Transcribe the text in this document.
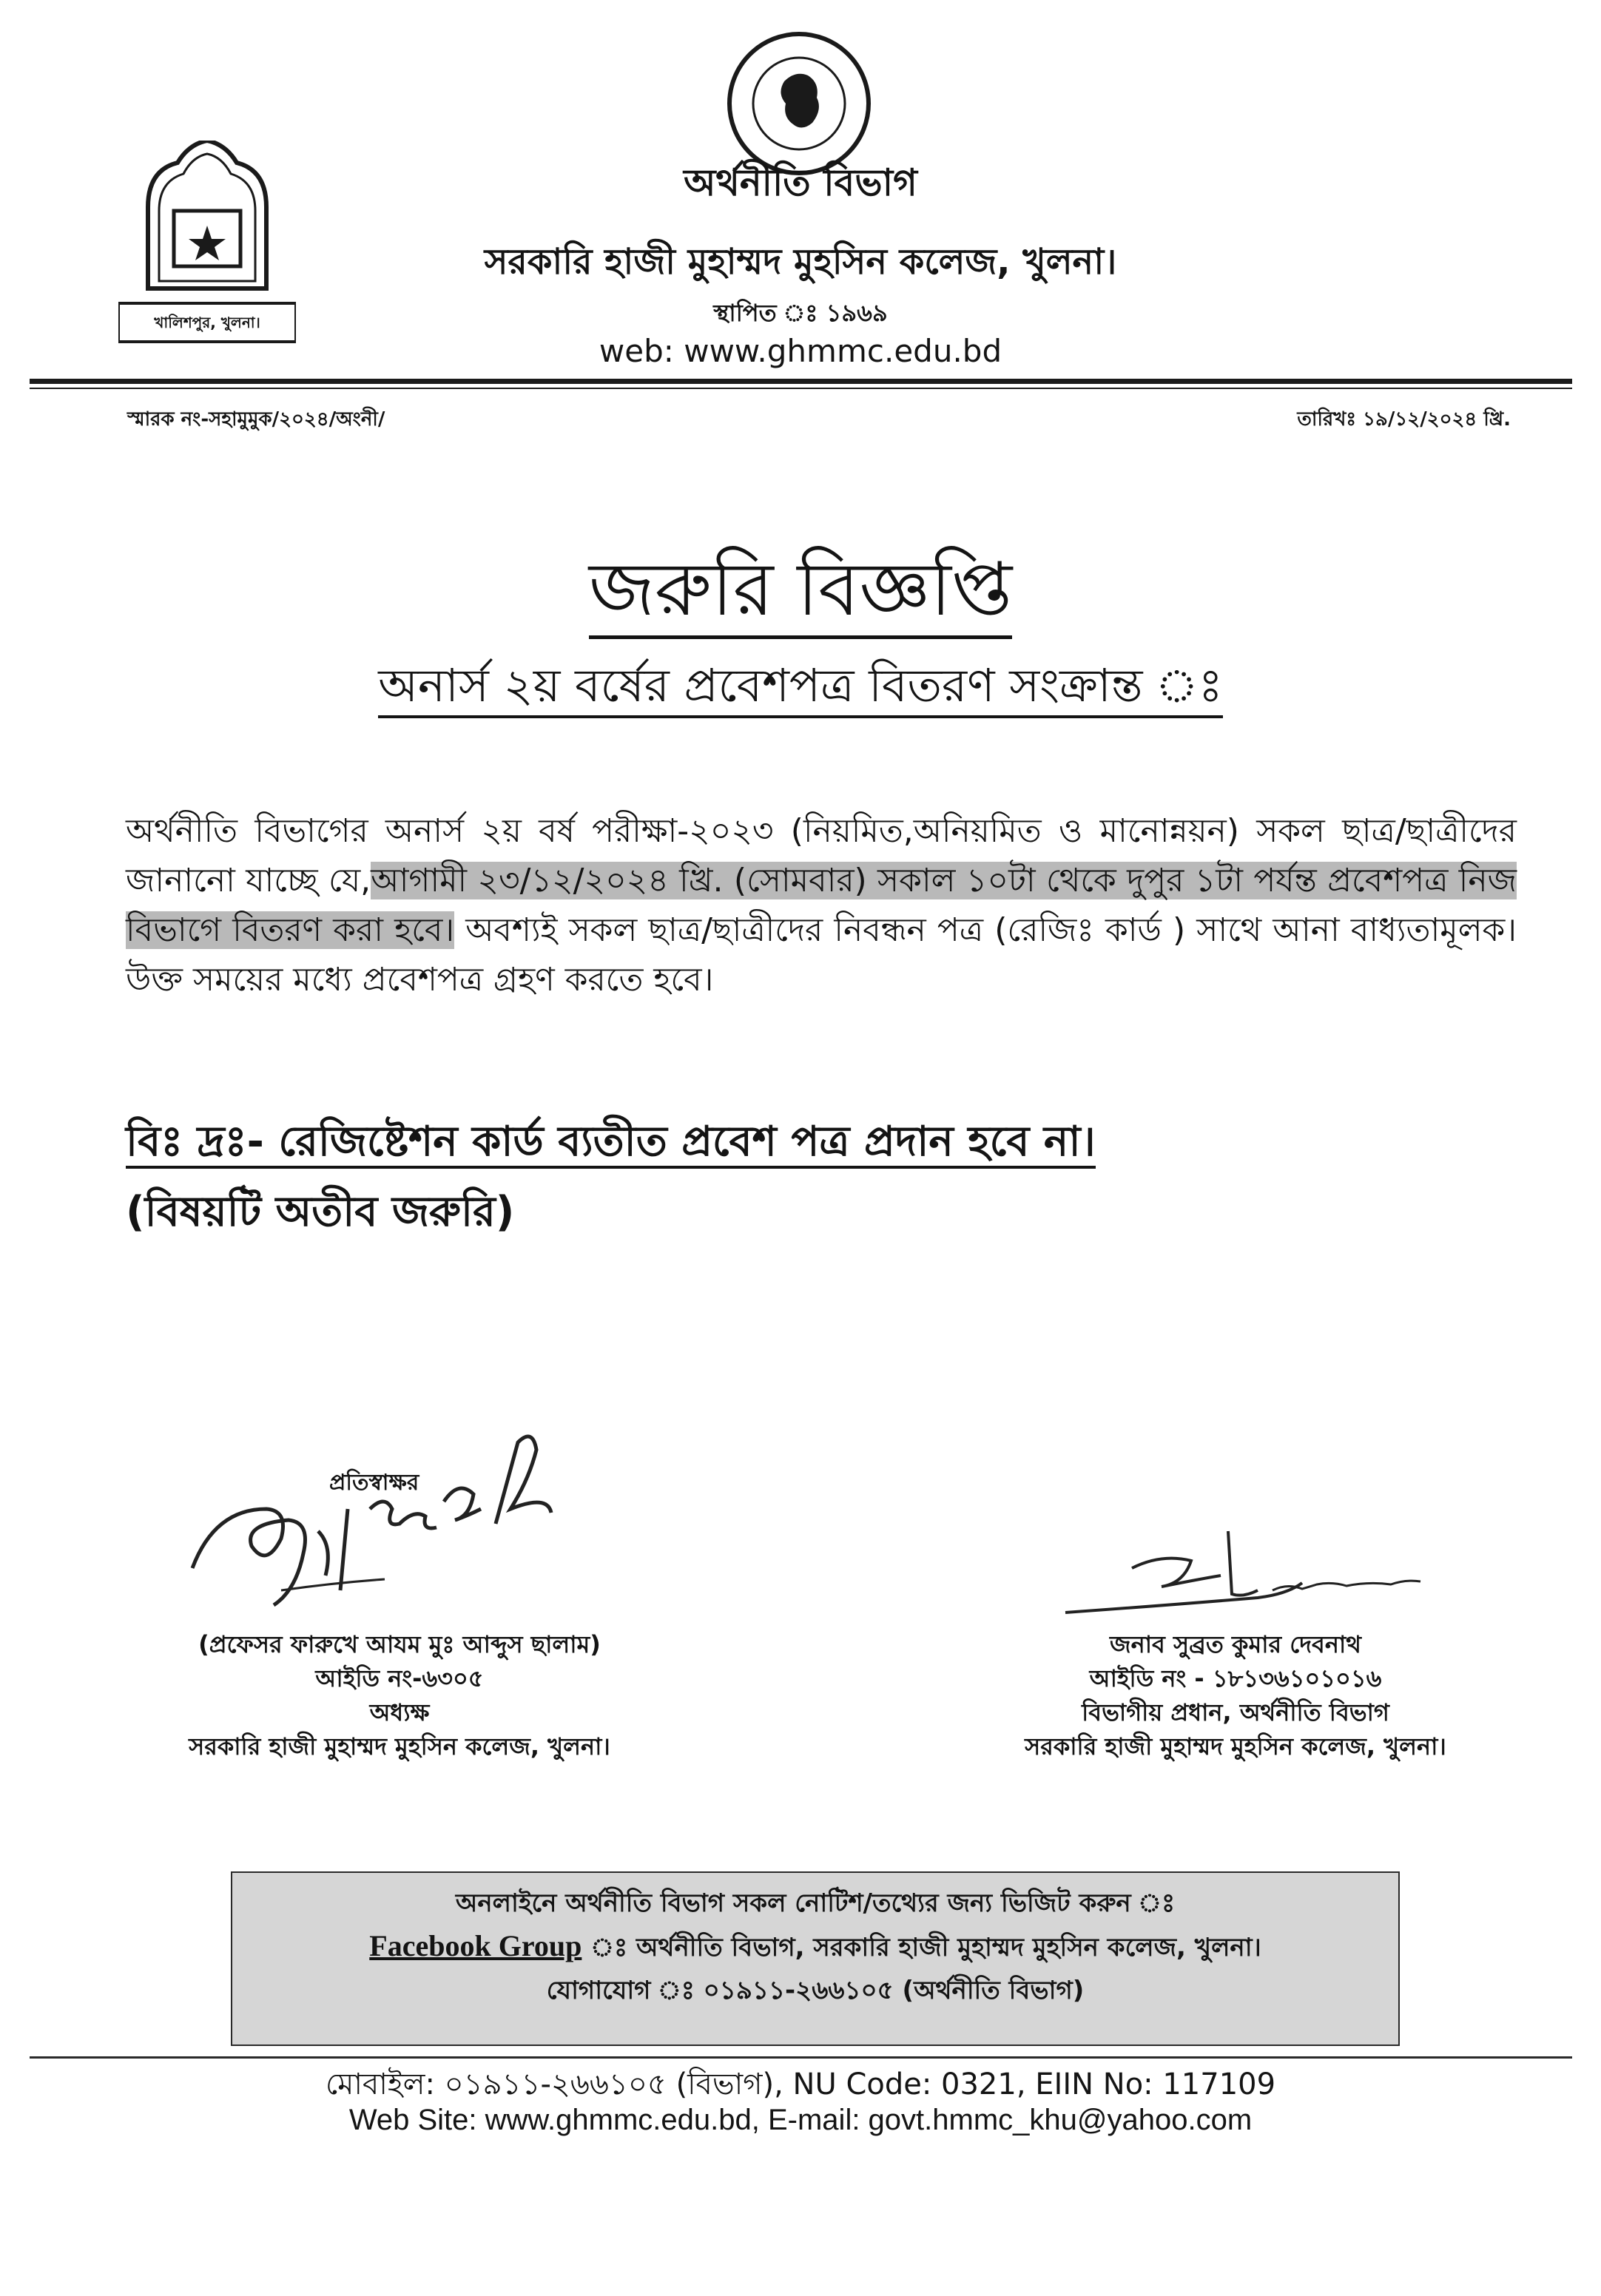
খালিশপুর, খুলনা।
অর্থনীতি বিভাগ
সরকারি হাজী মুহাম্মদ মুহসিন কলেজ, খুলনা।
স্থাপিত ঃ ১৯৬৯
web: www.ghmmc.edu.bd
স্মারক নং-সহামুমুক/২০২৪/অংনী/	তারিখঃ ১৯/১২/২০২৪ খ্রি.
জরুরি বিজ্ঞপ্তি
অনার্স ২য় বর্ষের প্রবেশপত্র বিতরণ সংক্রান্ত ঃ
অর্থনীতি বিভাগের অনার্স ২য় বর্ষ পরীক্ষা-২০২৩ (নিয়মিত,অনিয়মিত ও মানোন্নয়ন) সকল ছাত্র/ছাত্রীদের জানানো যাচ্ছে যে,আগামী ২৩/১২/২০২৪ খ্রি. (সোমবার) সকাল ১০টা থেকে দুপুর ১টা পর্যন্ত প্রবেশপত্র নিজ বিভাগে বিতরণ করা হবে। অবশ্যই সকল ছাত্র/ছাত্রীদের নিবন্ধন পত্র (রেজিঃ কার্ড ) সাথে আনা বাধ্যতামূলক। উক্ত সময়ের মধ্যে প্রবেশপত্র গ্রহণ করতে হবে।
বিঃ দ্রঃ- রেজিষ্টেশন কার্ড ব্যতীত প্রবেশ পত্র প্রদান হবে না।
(বিষয়টি অতীব জরুরি)
প্রতিস্বাক্ষর
(প্রফেসর ফারুখে আযম মুঃ আব্দুস ছালাম)
আইডি নং-৬৩০৫
অধ্যক্ষ
সরকারি হাজী মুহাম্মদ মুহসিন কলেজ, খুলনা।
জনাব সুব্রত কুমার দেবনাথ
আইডি নং - ১৮১৩৬১০১০১৬
বিভাগীয় প্রধান, অর্থনীতি বিভাগ
সরকারি হাজী মুহাম্মদ মুহসিন কলেজ, খুলনা।
অনলাইনে অর্থনীতি বিভাগ সকল নোটিশ/তথ্যের জন্য ভিজিট করুন ঃ
Facebook Group ঃ অর্থনীতি বিভাগ, সরকারি হাজী মুহাম্মদ মুহসিন কলেজ, খুলনা।
যোগাযোগ ঃ ০১৯১১-২৬৬১০৫ (অর্থনীতি বিভাগ)
মোবাইল: ০১৯১১-২৬৬১০৫ (বিভাগ), NU Code: 0321, EIIN No: 117109
Web Site: www.ghmmc.edu.bd, E-mail: govt.hmmc_khu@yahoo.com
